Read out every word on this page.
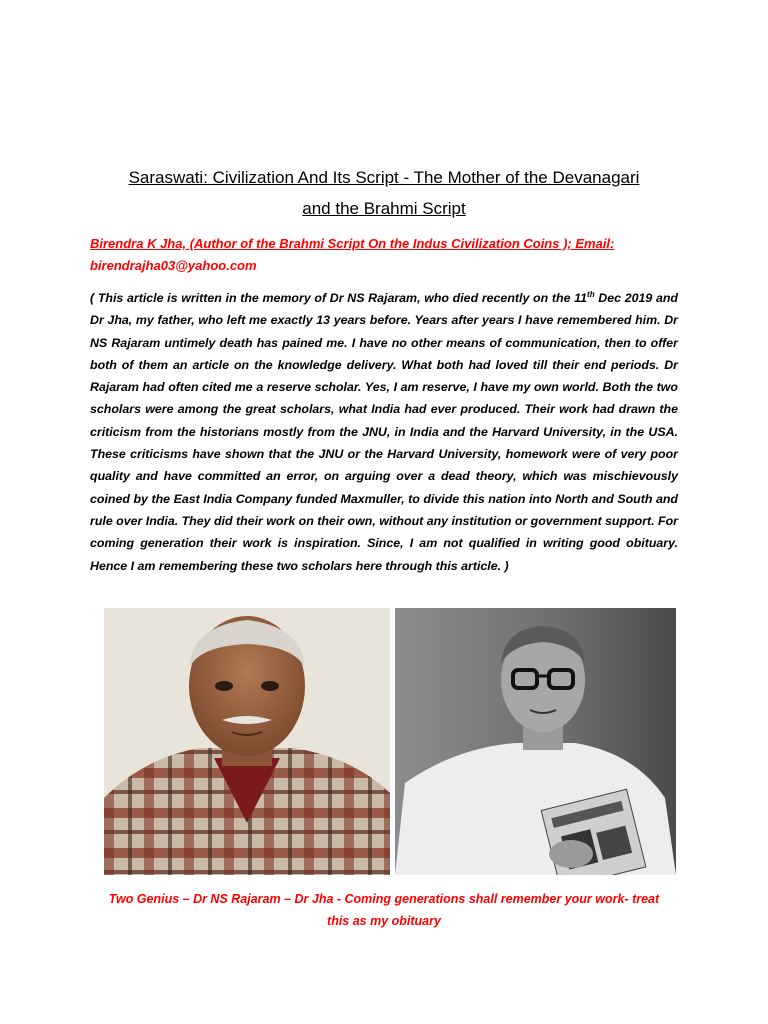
Saraswati: Civilization And Its Script - The Mother of the Devanagari
and the Brahmi Script

Birendra K Jha, (Author of the Brahmi Script On the Indus Civilization Coins ); Email:
birendrajha03@yahoo.com

( This article is written in the memory of Dr NS Rajaram, who died recently on the 11th Dec 2019 and Dr Jha, my father, who left me exactly 13 years before. Years after years I have remembered him. Dr NS Rajaram untimely death has pained me. I have no other means of communication, then to offer both of them an article on the knowledge delivery. What both had loved till their end periods. Dr Rajaram had often cited me a reserve scholar. Yes, I am reserve, I have my own world. Both the two scholars were among the great scholars, what India had ever produced. Their work had drawn the criticism from the historians mostly from the JNU, in India and the Harvard University, in the USA. These criticisms have shown that the JNU or the Harvard University, homework were of very poor quality and have committed an error, on arguing over a dead theory, which was mischievously coined by the East India Company funded Maxmuller, to divide this nation into North and South and rule over India. They did their work on their own, without any institution or government support. For coming generation their work is inspiration. Since, I am not qualified in writing good obituary. Hence I am remembering these two scholars here through this article. )

Two Genius – Dr NS Rajaram – Dr Jha - Coming generations shall remember your work- treat
this as my obituary
